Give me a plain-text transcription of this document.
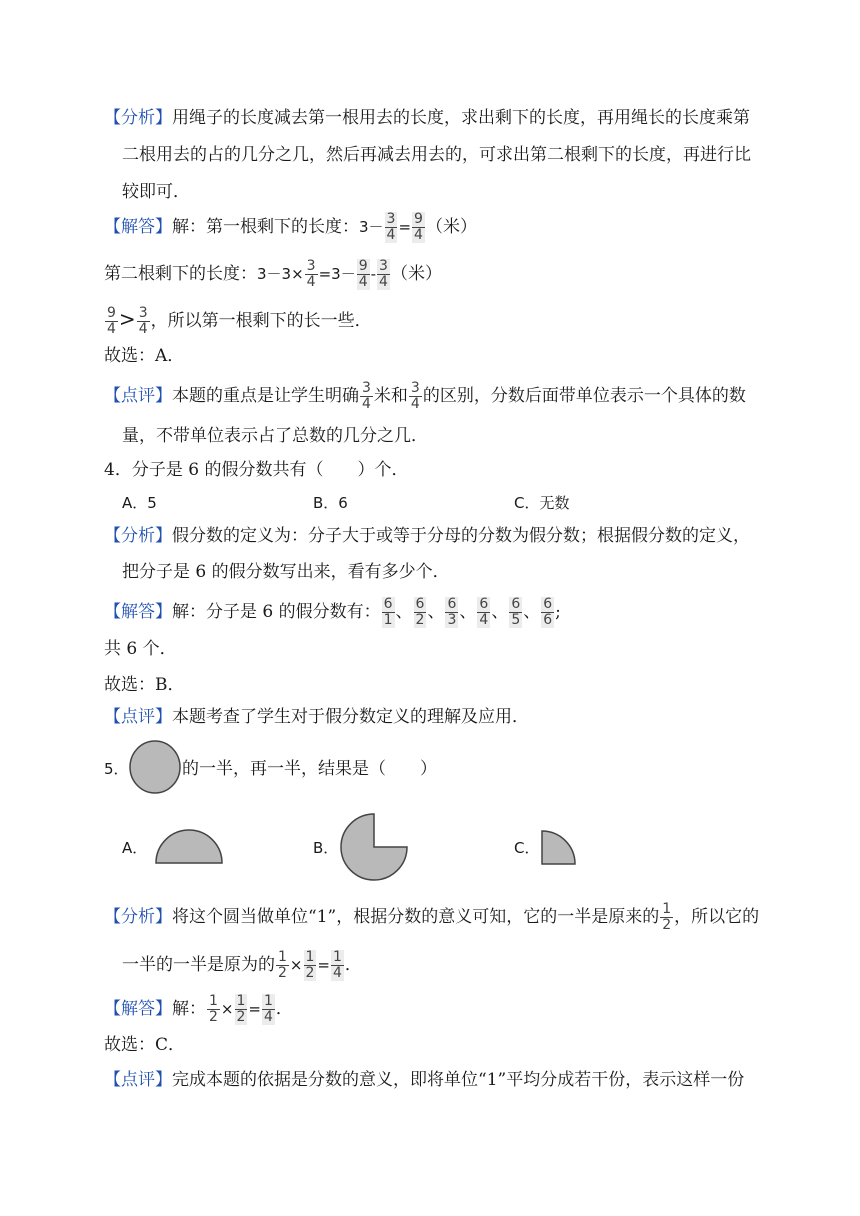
【分析】用绳子的长度减去第一根用去的长度，求出剩下的长度，再用绳长的长度乘第
二根用去的占的几分之几，然后再减去用去的，可求出第二根剩下的长度，再进行比
较即可．
【解答】解：第一根剩下的长度：$3- \frac{3}{4} = \frac{9}{4}$ （米）
第二根剩下的长度：$3-3\times \frac{3}{4} =3- \frac{9}{4} - \frac{3}{4}$ （米）
$\frac{9}{4} > \frac{3}{4}$ ，所以第一根剩下的长一些．
故选：A．
【点评】本题的重点是让学生明确 $\frac{3}{4}$ 米和 $\frac{3}{4}$ 的区别，分数后面带单位表示一个具体的数
量，不带单位表示占了总数的几分之几．
4．分子是 6 的假分数共有（　　）个．
A．5	B．6	C．无数
【分析】假分数的定义为：分子大于或等于分母的分数为假分数；根据假分数的定义，
把分子是 6 的假分数写出来，看有多少个．
【解答】解：分子是 6 的假分数有： $\frac{6}{1}$ 、 $\frac{6}{2}$ 、 $\frac{6}{3}$ 、 $\frac{6}{4}$ 、 $\frac{6}{5}$ 、 $\frac{6}{6}$ ;
共 6 个．
故选：B．
【点评】本题考查了学生对于假分数定义的理解及应用．
5．	的一半，再一半，结果是（　　）
A．	B．	C．
【分析】将这个圆当做单位“1”，根据分数的意义可知，它的一半是原来的 $\frac{1}{2}$ ，所以它的
一半的一半是原为的 $\frac{1}{2} \times \frac{1}{2} = \frac{1}{4}$ ．
【解答】解： $\frac{1}{2} \times \frac{1}{2} = \frac{1}{4}$ ．
故选：C．
【点评】完成本题的依据是分数的意义，即将单位“1”平均分成若干份，表示这样一份
